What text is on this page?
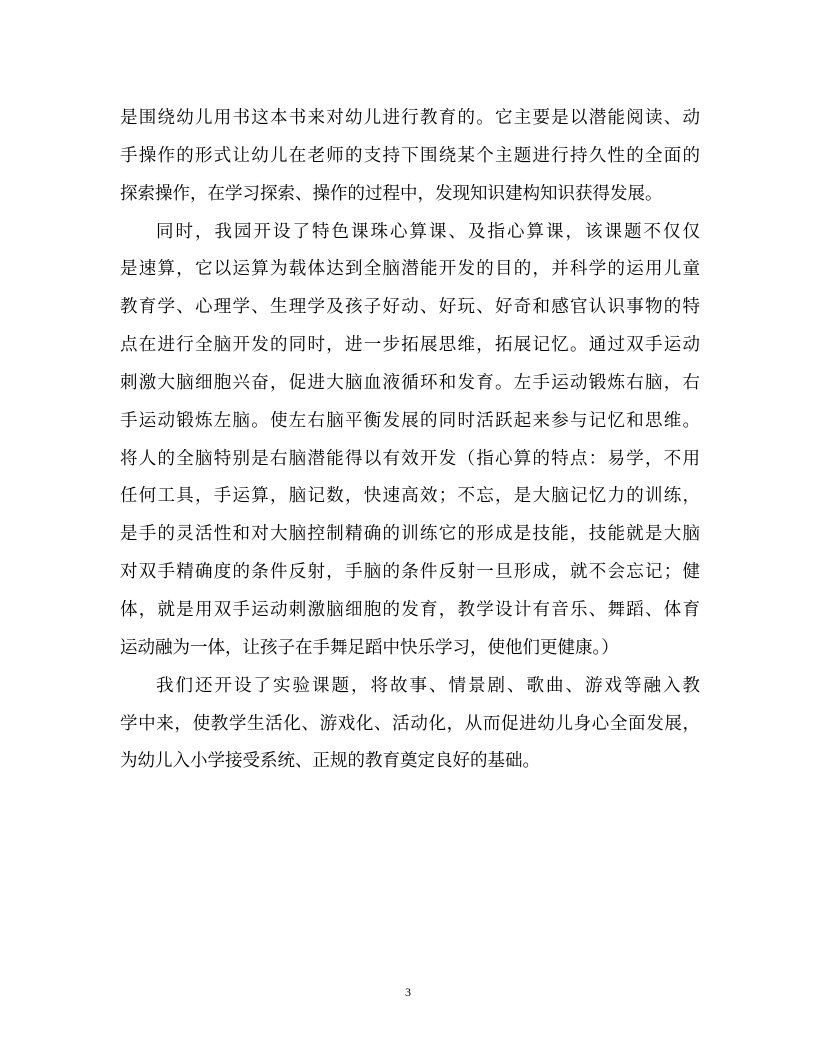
是围绕幼儿用书这本书来对幼儿进行教育的。它主要是以潜能阅读、动
手操作的形式让幼儿在老师的支持下围绕某个主题进行持久性的全面的
探索操作，在学习探索、操作的过程中，发现知识建构知识获得发展。
同时，我园开设了特色课珠心算课、及指心算课，该课题不仅仅
是速算，它以运算为载体达到全脑潜能开发的目的，并科学的运用儿童
教育学、心理学、生理学及孩子好动、好玩、好奇和感官认识事物的特
点在进行全脑开发的同时，进一步拓展思维，拓展记忆。通过双手运动
刺激大脑细胞兴奋，促进大脑血液循环和发育。左手运动锻炼右脑，右
手运动锻炼左脑。使左右脑平衡发展的同时活跃起来参与记忆和思维。
将人的全脑特别是右脑潜能得以有效开发（指心算的特点：易学，不用
任何工具，手运算，脑记数，快速高效；不忘，是大脑记忆力的训练，
是手的灵活性和对大脑控制精确的训练它的形成是技能，技能就是大脑
对双手精确度的条件反射，手脑的条件反射一旦形成，就不会忘记；健
体，就是用双手运动刺激脑细胞的发育，教学设计有音乐、舞蹈、体育
运动融为一体，让孩子在手舞足蹈中快乐学习，使他们更健康。）
我们还开设了实验课题，将故事、情景剧、歌曲、游戏等融入教
学中来，使教学生活化、游戏化、活动化，从而促进幼儿身心全面发展，
为幼儿入小学接受系统、正规的教育奠定良好的基础。
3
